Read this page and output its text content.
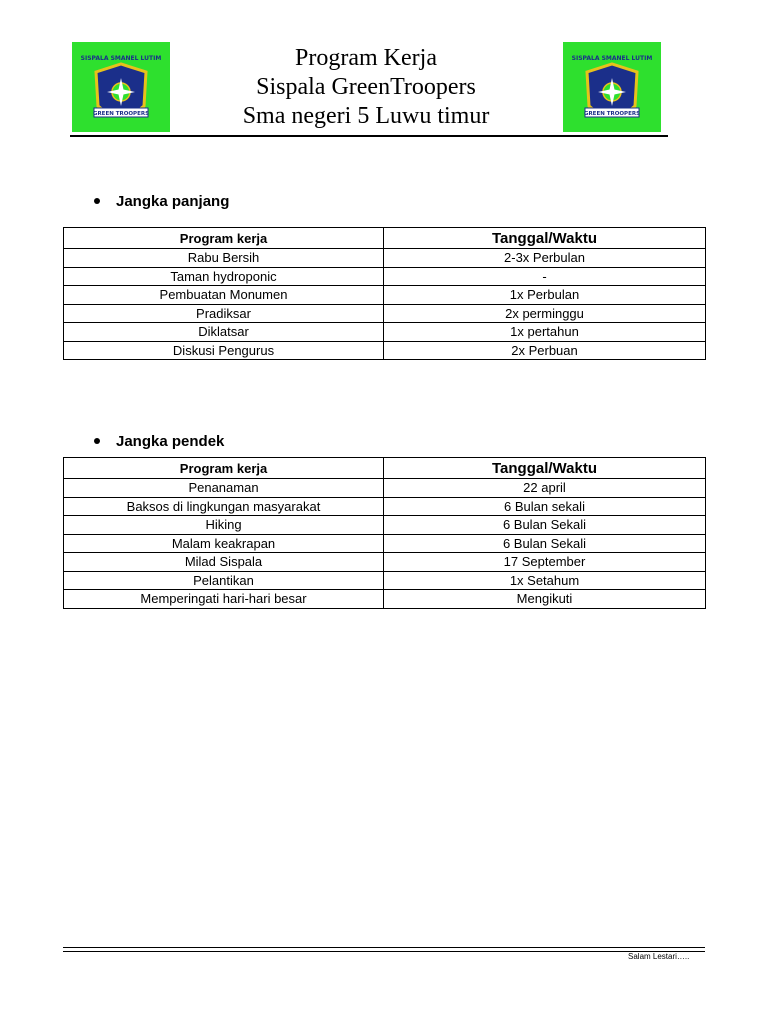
GREEN TROOPERS
SISPALA SMANEL LUTIM	Program Kerja
Sispala GreenTroopers
Sma negeri 5 Luwu timur	GREEN TROOPERS
SISPALA SMANEL LUTIM
Jangka panjang
Program kerja	Tanggal/Waktu
Rabu Bersih	2-3x Perbulan
Taman hydroponic	-
Pembuatan Monumen	1x Perbulan
Pradiksar	2x perminggu
Diklatsar	1x pertahun
Diskusi Pengurus	2x Perbuan
Jangka pendek
Program kerja	Tanggal/Waktu
Penanaman	22 april
Baksos di lingkungan masyarakat	6 Bulan sekali
Hiking	6 Bulan Sekali
Malam keakrapan	6 Bulan Sekali
Milad Sispala	17 September
Pelantikan	1x Setahum
Memperingati hari-hari besar	Mengikuti
Salam Lestari…..
